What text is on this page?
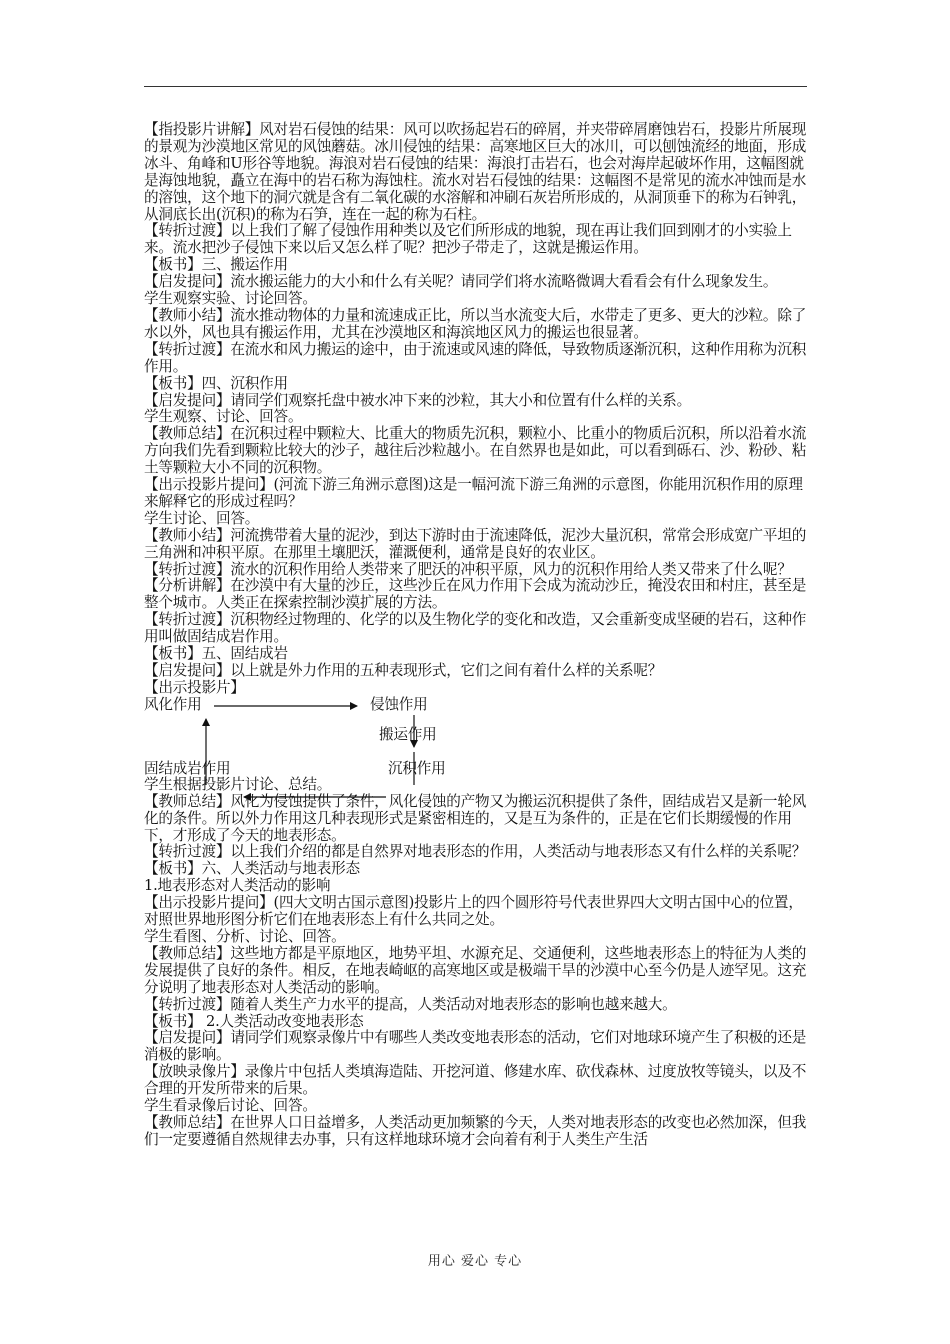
【指投影片讲解】风对岩石侵蚀的结果：风可以吹扬起岩石的碎屑，并夹带碎屑磨蚀岩石，投影片所展现的景观为沙漠地区常见的风蚀蘑菇。冰川侵蚀的结果：高寒地区巨大的冰川，可以刨蚀流经的地面，形成冰斗、角峰和U形谷等地貌。海浪对岩石侵蚀的结果：海浪打击岩石，也会对海岸起破坏作用，这幅图就是海蚀地貌，矗立在海中的岩石称为海蚀柱。流水对岩石侵蚀的结果：这幅图不是常见的流水冲蚀而是水的溶蚀，这个地下的洞穴就是含有二氧化碳的水溶解和冲刷石灰岩所形成的，从洞顶垂下的称为石钟乳，从洞底长出(沉积)的称为石笋，连在一起的称为石柱。

【转折过渡】以上我们了解了侵蚀作用种类以及它们所形成的地貌，现在再让我们回到刚才的小实验上来。流水把沙子侵蚀下来以后又怎么样了呢？把沙子带走了，这就是搬运作用。

【板书】三、搬运作用

【启发提问】流水搬运能力的大小和什么有关呢？请同学们将水流略微调大看看会有什么现象发生。

学生观察实验、讨论回答。

【教师小结】流水推动物体的力量和流速成正比，所以当水流变大后，水带走了更多、更大的沙粒。除了水以外，风也具有搬运作用，尤其在沙漠地区和海滨地区风力的搬运也很显著。

【转折过渡】在流水和风力搬运的途中，由于流速或风速的降低，导致物质逐渐沉积，这种作用称为沉积作用。

【板书】四、沉积作用

【启发提问】请同学们观察托盘中被水冲下来的沙粒，其大小和位置有什么样的关系。

学生观察、讨论、回答。

【教师总结】在沉积过程中颗粒大、比重大的物质先沉积，颗粒小、比重小的物质后沉积，所以沿着水流方向我们先看到颗粒比较大的沙子，越往后沙粒越小。在自然界也是如此，可以看到砾石、沙、粉砂、粘土等颗粒大小不同的沉积物。

【出示投影片提问】(河流下游三角洲示意图)这是一幅河流下游三角洲的示意图，你能用沉积作用的原理来解释它的形成过程吗？

学生讨论、回答。

【教师小结】河流携带着大量的泥沙，到达下游时由于流速降低，泥沙大量沉积，常常会形成宽广平坦的三角洲和冲积平原。在那里土壤肥沃，灌溉便利，通常是良好的农业区。

【转折过渡】流水的沉积作用给人类带来了肥沃的冲积平原，风力的沉积作用给人类又带来了什么呢？

【分析讲解】在沙漠中有大量的沙丘，这些沙丘在风力作用下会成为流动沙丘，掩没农田和村庄，甚至是整个城市。人类正在探索控制沙漠扩展的方法。

【转折过渡】沉积物经过物理的、化学的以及生物化学的变化和改造，又会重新变成坚硬的岩石，这种作用叫做固结成岩作用。

【板书】五、固结成岩

【启发提问】以上就是外力作用的五种表现形式，它们之间有着什么样的关系呢？

【出示投影片】

风化作用	侵蚀作用
搬运作用
沉积作用
固结成岩作用

学生根据投影片讨论、总结。

【教师总结】风化为侵蚀提供了条件，风化侵蚀的产物又为搬运沉积提供了条件，固结成岩又是新一轮风化的条件。所以外力作用这几种表现形式是紧密相连的，又是互为条件的，正是在它们长期缓慢的作用下，才形成了今天的地表形态。

【转折过渡】以上我们介绍的都是自然界对地表形态的作用，人类活动与地表形态又有什么样的关系呢？

【板书】六、人类活动与地表形态

1.地表形态对人类活动的影响

【出示投影片提问】(四大文明古国示意图)投影片上的四个圆形符号代表世界四大文明古国中心的位置，对照世界地形图分析它们在地表形态上有什么共同之处。

学生看图、分析、讨论、回答。

【教师总结】这些地方都是平原地区，地势平坦、水源充足、交通便利，这些地表形态上的特征为人类的发展提供了良好的条件。相反，在地表崎岖的高寒地区或是极端干旱的沙漠中心至今仍是人迹罕见。这充分说明了地表形态对人类活动的影响。

【转折过渡】随着人类生产力水平的提高，人类活动对地表形态的影响也越来越大。

【板书】 2.人类活动改变地表形态

【启发提问】请同学们观察录像片中有哪些人类改变地表形态的活动，它们对地球环境产生了积极的还是消极的影响。

【放映录像片】录像片中包括人类填海造陆、开挖河道、修建水库、砍伐森林、过度放牧等镜头，以及不合理的开发所带来的后果。

学生看录像后讨论、回答。

【教师总结】在世界人口日益增多，人类活动更加频繁的今天，人类对地表形态的改变也必然加深，但我们一定要遵循自然规律去办事，只有这样地球环境才会向着有利于人类生产生活

用心 爱心 专心
